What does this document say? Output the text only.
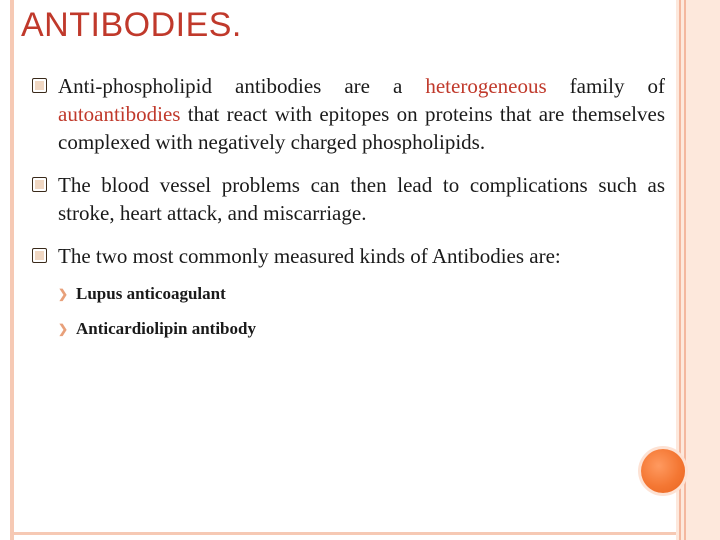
ANTIBODIES.
Anti-phospholipid antibodies are a heterogeneous family of autoantibodies that react with epitopes on proteins that are themselves complexed with negatively charged phospholipids.
The blood vessel problems can then lead to complications such as stroke, heart attack, and miscarriage.
The two most commonly measured kinds of Antibodies are:
❯ Lupus anticoagulant
❯ Anticardiolipin antibody
